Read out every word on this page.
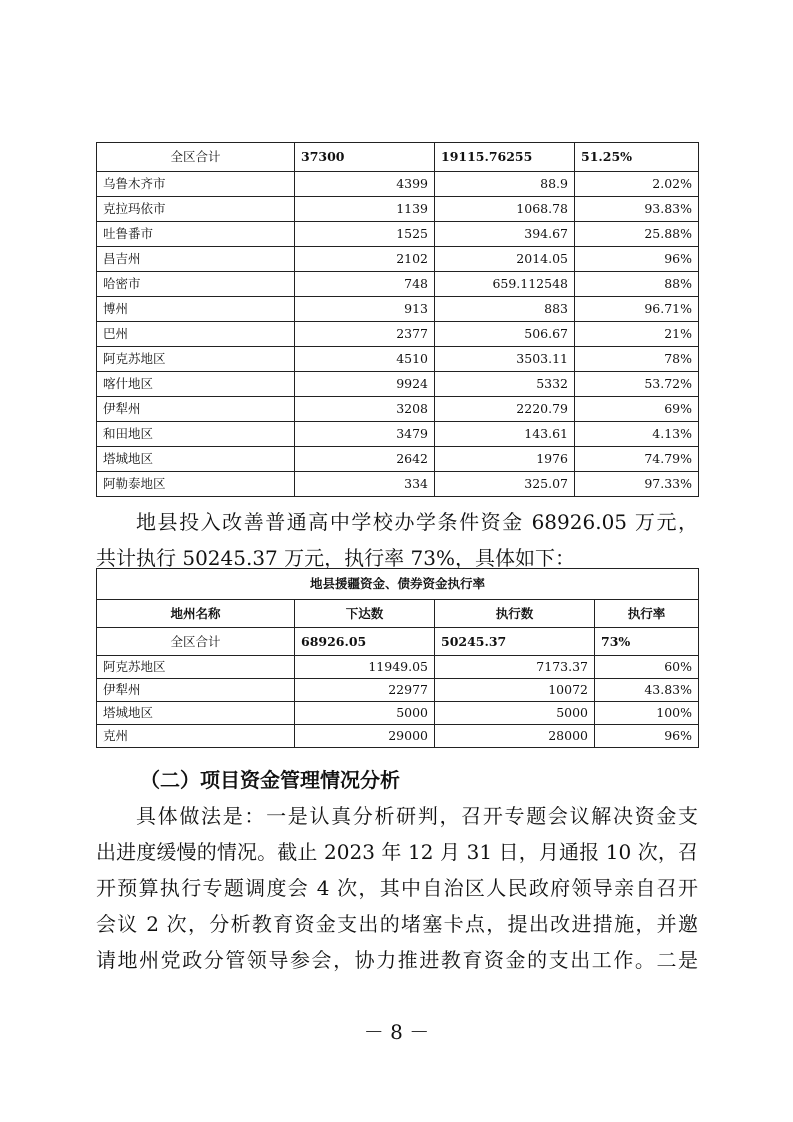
全区合计	37300	19115.76255	51.25%
乌鲁木齐市	4399	88.9	2.02%
克拉玛依市	1139	1068.78	93.83%
吐鲁番市	1525	394.67	25.88%
昌吉州	2102	2014.05	96%
哈密市	748	659.112548	88%
博州	913	883	96.71%
巴州	2377	506.67	21%
阿克苏地区	4510	3503.11	78%
喀什地区	9924	5332	53.72%
伊犁州	3208	2220.79	69%
和田地区	3479	143.61	4.13%
塔城地区	2642	1976	74.79%
阿勒泰地区	334	325.07	97.33%

地县投入改善普通高中学校办学条件资金 68926.05 万元，

共计执行 50245.37 万元，执行率 73%，具体如下：

地县援疆资金、债券资金执行率			
地州名称	下达数	执行数	执行率
全区合计	68926.05	50245.37	73%
阿克苏地区	11949.05	7173.37	60%
伊犁州	22977	10072	43.83%
塔城地区	5000	5000	100%
克州	29000	28000	96%
（二）项目资金管理情况分析

具体做法是：一是认真分析研判，召开专题会议解决资金支

出进度缓慢的情况。截止 2023 年 12 月 31 日，月通报 10 次，召

开预算执行专题调度会 4 次，其中自治区人民政府领导亲自召开

会议 2 次，分析教育资金支出的堵塞卡点，提出改进措施，并邀

请地州党政分管领导参会，协力推进教育资金的支出工作。二是

－ 8 －
